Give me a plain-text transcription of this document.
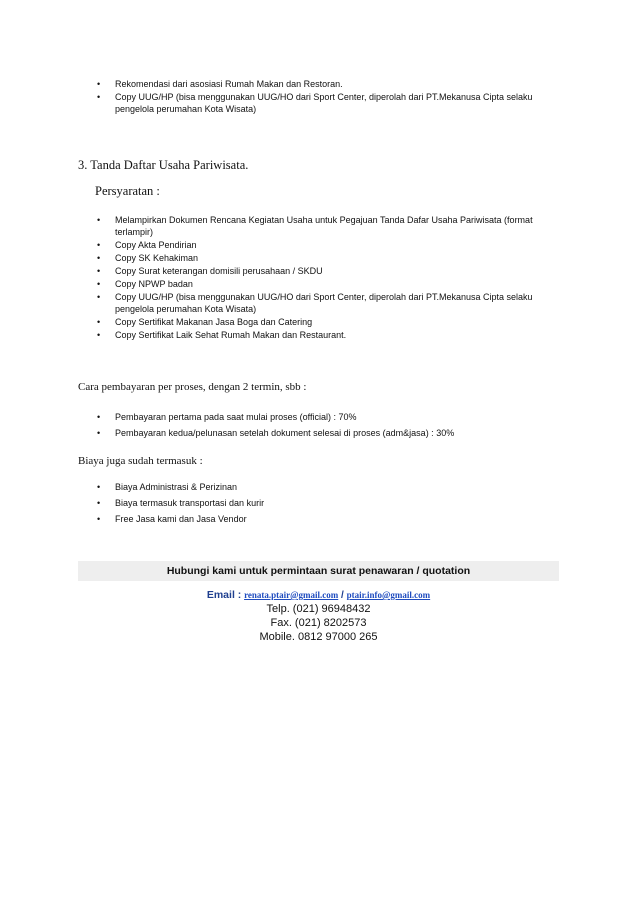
• Rekomendasi dari asosiasi Rumah Makan dan Restoran.
• Copy UUG/HP (bisa menggunakan UUG/HO dari Sport Center, diperolah dari PT.Mekanusa Cipta selaku pengelola perumahan Kota Wisata)
3. Tanda Daftar Usaha Pariwisata.
Persyaratan :
• Melampirkan Dokumen Rencana Kegiatan Usaha untuk Pegajuan Tanda Dafar Usaha Pariwisata (format terlampir)
• Copy Akta Pendirian
• Copy SK Kehakiman
• Copy Surat keterangan domisili perusahaan / SKDU
• Copy NPWP badan
• Copy UUG/HP (bisa menggunakan UUG/HO dari Sport Center, diperolah dari PT.Mekanusa Cipta selaku pengelola perumahan Kota Wisata)
• Copy Sertifikat Makanan Jasa Boga dan Catering
• Copy Sertifikat Laik Sehat Rumah Makan dan Restaurant.
Cara pembayaran per proses, dengan 2 termin, sbb :
• Pembayaran pertama pada saat mulai proses (official) : 70%
• Pembayaran kedua/pelunasan setelah dokument selesai di proses (adm&jasa) : 30%
Biaya juga sudah termasuk :
• Biaya Administrasi & Perizinan
• Biaya termasuk transportasi dan kurir
• Free Jasa kami dan Jasa Vendor
Hubungi kami untuk permintaan surat penawaran / quotation
Email : renata.ptair@gmail.com / ptair.info@gmail.com
Telp. (021) 96948432
Fax. (021) 8202573
Mobile. 0812 97000 265
